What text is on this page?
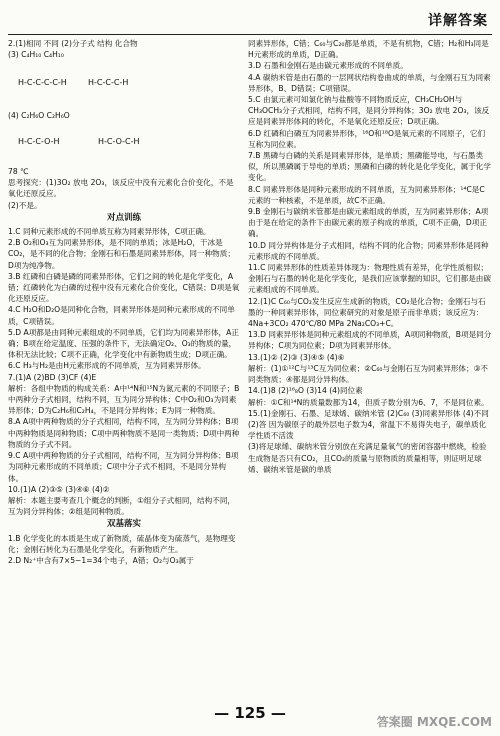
详解答案

2.(1)相同 不同 (2)分子式 结构 化合物

(3) C₄H₁₀ C₄H₁₀

H-C-C-C-C-H	H-C-C-C-H

(4) C₂H₆O C₂H₆O

H-C-C-O-H	H-C-O-C-H

78 ℃

思考探究：(1)3O₂ 放电 2O₃，该反应中没有元素化合价变化，不是氧化还原反应。

(2)不是。

对点训练

1.C 同种元素形成的不同单质互称为同素异形体，C项正确。

2.B O₂和O₃互为同素异形体，是不同的单质；冰是H₂O，干冰是CO₂，是不同的化合物；金刚石和石墨是同素异形体，同一种物质；D项为纯净物。

3.B 红磷和白磷是磷的同素异形体，它们之间的转化是化学变化，A错；红磷转化为白磷的过程中没有元素化合价变化，C错误；D项是氧化还原反应。

4.C H₂O和D₂O是同种化合物，同素异形体是同种元素形成的不同单质，C项错误。

5.D A项都是由同种元素组成的不同单质，它们均为同素异形体，A正确；B项在给定温度、压强的条件下，无法确定O₂、O₃的物质的量，体积无法比较；C项不正确，化学变化中有新物质生成；D项正确。

6.C H₃与H₂是由H元素形成的不同单质，互为同素异形体。

7.(1)A (2)BD (3)CF (4)E

解析：各组中物质的构成关系：A中¹⁴N和¹⁵N为氮元素的不同原子；B中两种分子式相同，结构不同，互为同分异构体；C中O₂和O₃为同素异形体；D为C₂H₆和C₂H₄，不是同分异构体；E为同一种物质。

8.A A项中两种物质的分子式相同，结构不同，互为同分异构体；B项中两种物质是同种物质；C项中两种物质不是同一类物质；D项中两种物质的分子式不同。

9.C A项中两种物质的分子式相同，结构不同，互为同分异构体；B项为同种元素形成的不同单质；C项中分子式不相同，不是同分异构体。

10.(1)A (2)③⑤ (3)④⑥ (4)②

解析：本题主要考查几个概念的判断，①组分子式相同，结构不同，互为同分异构体；②组是同种物质。

双基落实

1.B 化学变化的本质是生成了新物质，硫晶体变为硫蒸气，是物理变化；金刚石转化为石墨是化学变化，有新物质产生。

2.D N₂⁺中含有7×5−1=34个电子，A错；O₂与O₃属于

同素异形体，C错；C₆₀与C₂₀都是单质，不是有机物，C错；H₂和H₃同是H元素形成的单质，D正确。

3.D 石墨和金刚石是由碳元素形成的不同单质。

4.A 碳纳米管是由石墨的一层网状结构卷曲成的单质，与金刚石互为同素异形体，B、D错误；C项错误。

5.C 由氯元素可知氯化钠与盐酸等不同物质反应，CH₃CH₂OH与CH₃OCH₃分子式相同，结构不同，是同分异构体；3O₂ 放电 2O₃，该反应是同素异形体间的转化，不是氧化还原反应；D项正确。

6.D 红磷和白磷互为同素异形体，¹⁶O和¹⁸O是氧元素的不同原子，它们互称为同位素。

7.B 黑磷与白磷的关系是同素异形体，是单质；黑磷能导电，与石墨类似，所以黑磷属于导电的单质；黑磷和白磷的转化是化学变化，属于化学变化。

8.C 同素异形体是同种元素形成的不同单质，互为同素异形体；¹⁴C是C元素的一种核素，不是单质，故C不正确。

9.B 金刚石与碳纳米管都是由碳元素组成的单质，互为同素异形体；A项由于是在给定的条件下由碳元素的原子构成的单质，C项不正确，D项正确。

10.D 同分异构体是分子式相同，结构不同的化合物；同素异形体是同种元素形成的不同单质。

11.C 同素异形体的性质差异体现为：物理性质有差异，化学性质相似；金刚石与石墨的转化是化学变化，是我们应该掌握的知识，它们都是由碳元素组成的不同单质。

12.(1)C C₆₀与CO₂发生反应生成新的物质，CO₂是化合物；金刚石与石墨的一种同素异形体，同位素研究的对象是原子而非单质；该反应为：4Na+3CO₂ 470℃/80 MPa 2Na₂CO₃+C。

13.D 同素异形体是同种元素组成的不同单质，A项同种物质，B项是同分异构体；C项为同位素；D项为同素异形体。

13.(1)② (2)③ (3)④⑤ (4)⑥

解析：(1)①¹²C与¹³C互为同位素；②C₆₀与金刚石互为同素异形体；③不同类物质；④都是同分异构体。

14.(1)8 (2)¹⁶₈O (3)14 (4)同位素

解析：①C和¹⁴N的质量数都为14，但质子数分别为6、7，不是同位素。

15.(1)金刚石、石墨、足球烯、碳纳米管 (2)C₆₀ (3)同素异形体 (4)不同

(2)答 因为碳原子的最外层电子数为4，常温下不易得失电子，碳单质化学性质不活泼

(3)将足球烯、碳纳米管分别放在充满足量氧气的密闭容器中燃烧，检验生成物是否只有CO₂，且CO₂的质量与原物质的质量相等，则证明足球烯、碳纳米管是碳的单质

— 125 —	答案圈 MXQE.COM
